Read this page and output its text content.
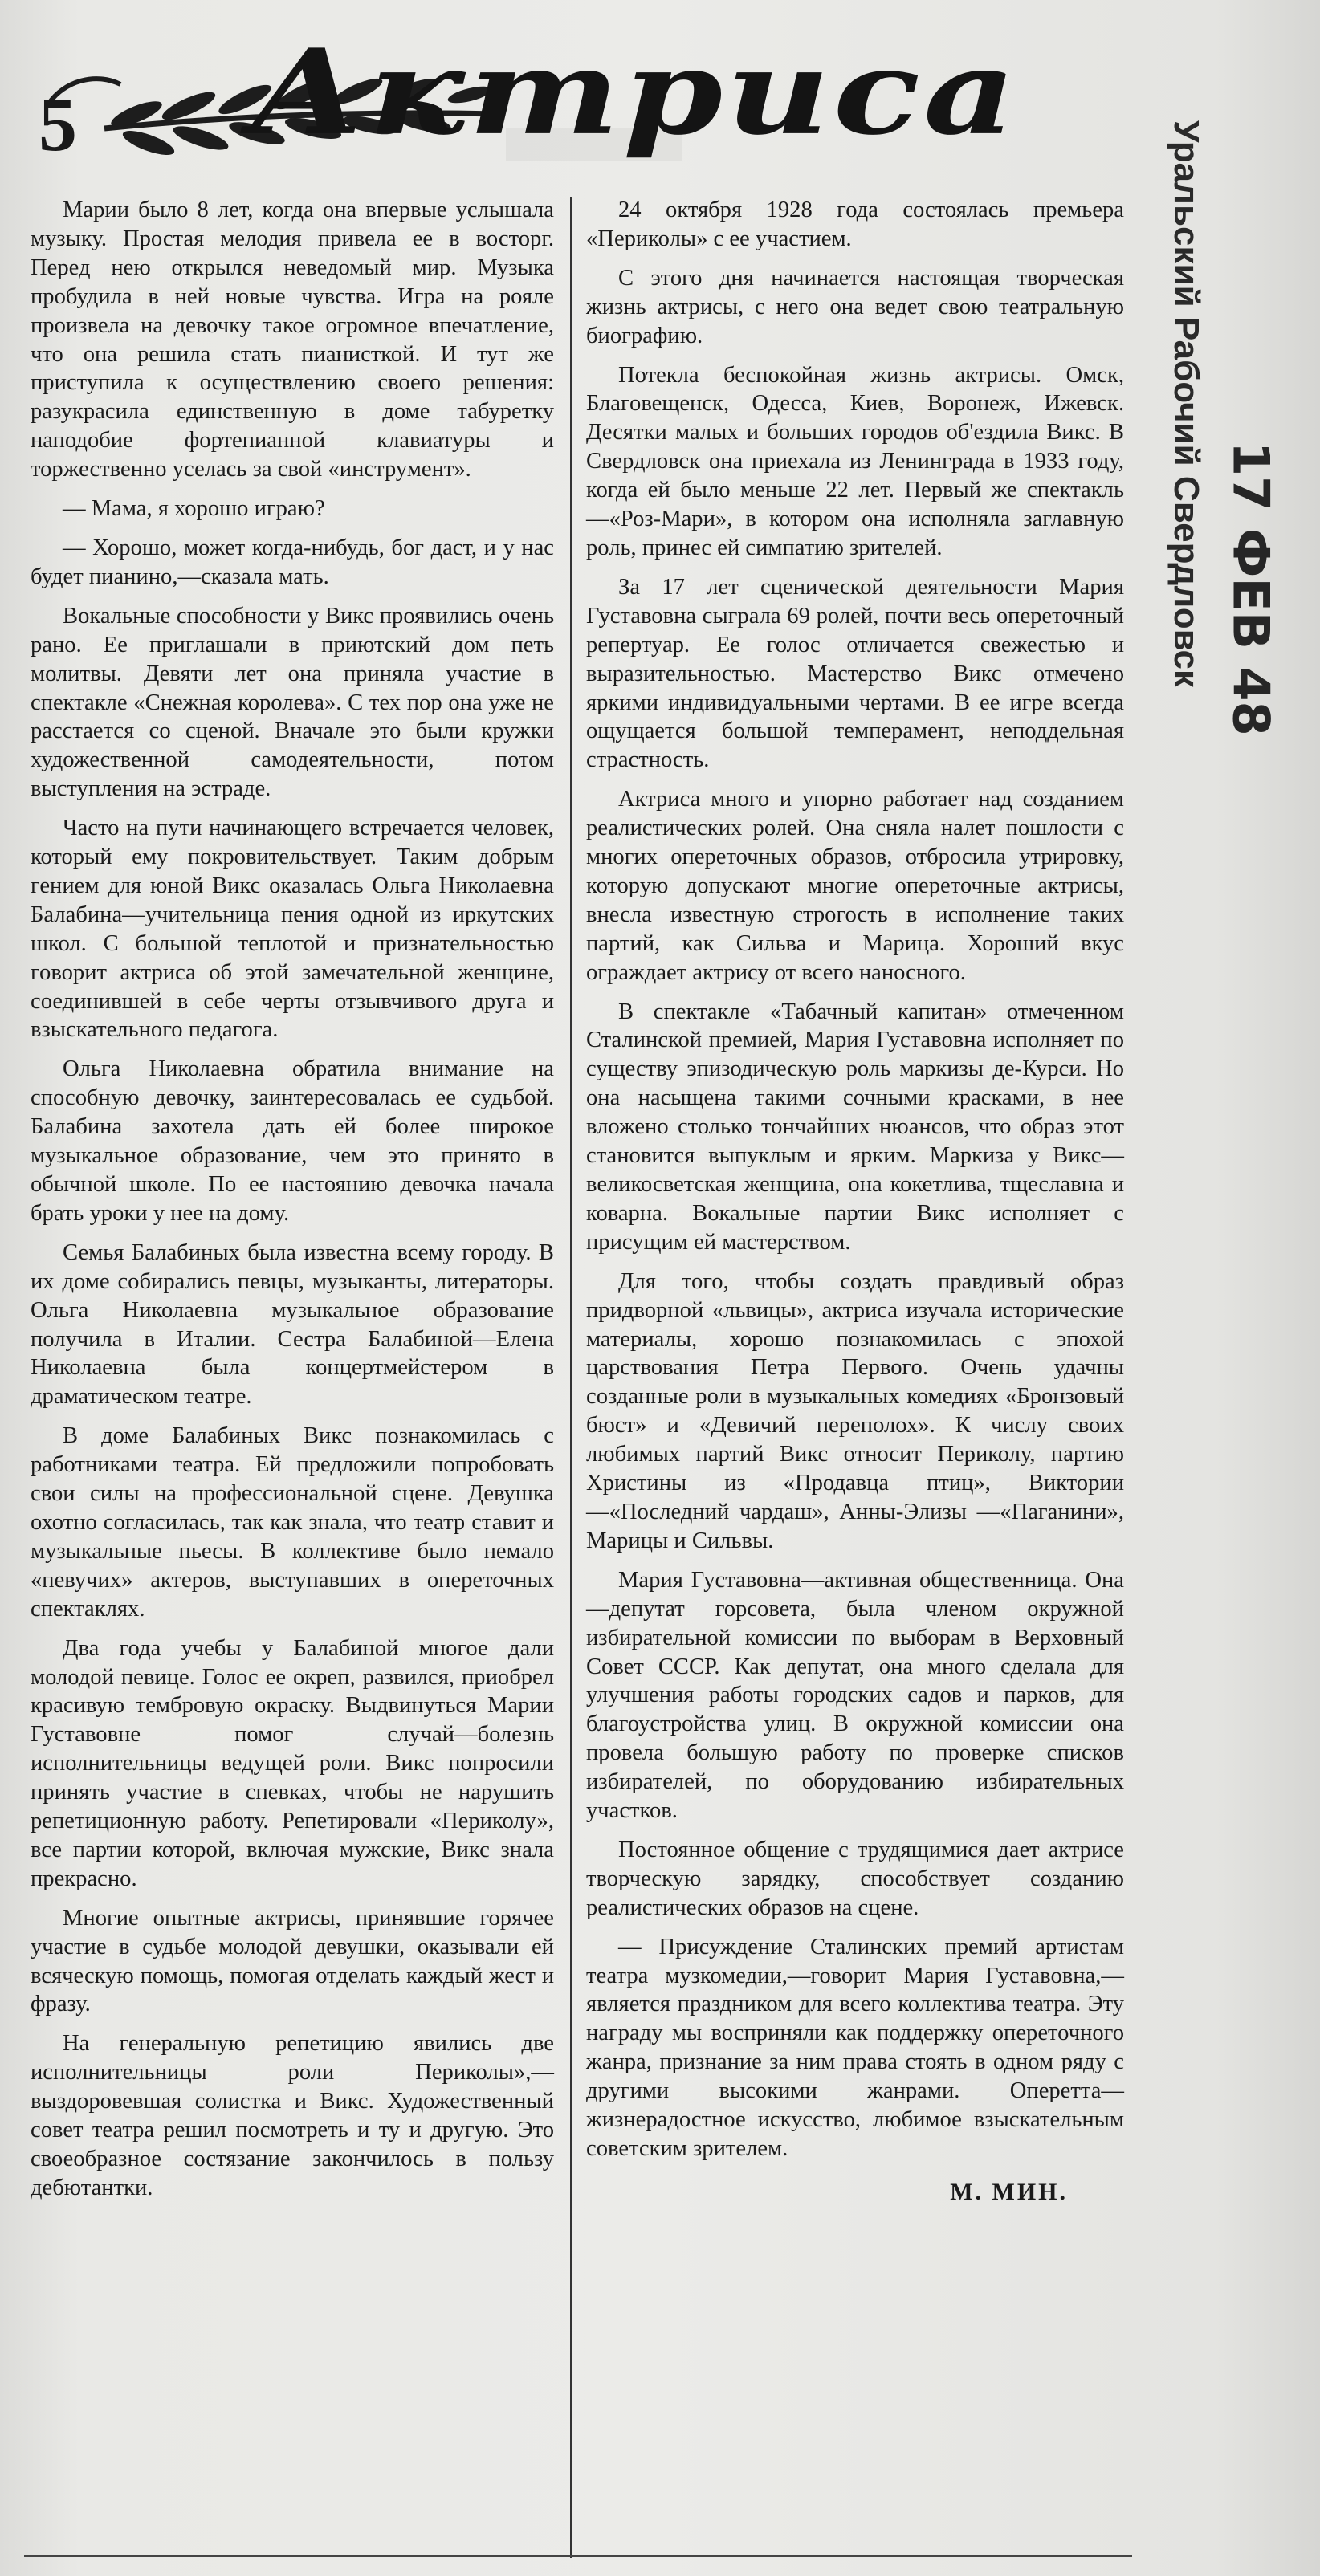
5 Актриса

Марии было 8 лет, когда она впервые услышала музыку. Простая мелодия привела ее в восторг. Перед нею открылся неведомый мир. Музыка пробудила в ней новые чувства. Игра на рояле произвела на девочку такое огромное впечатление, что она решила стать пианисткой. И тут же приступила к осуществлению своего решения: разукрасила единственную в доме табуретку наподобие фортепианной клавиатуры и торжественно уселась за свой «инструмент».

— Мама, я хорошо играю?

— Хорошо, может когда-нибудь, бог даст, и у нас будет пианино,—сказала мать.

Вокальные способности у Викс проявились очень рано. Ее приглашали в приютский дом петь молитвы. Девяти лет она приняла участие в спектакле «Снежная королева». С тех пор она уже не расстается со сценой. Вначале это были кружки художественной самодеятельности, потом выступления на эстраде.

Часто на пути начинающего встречается человек, который ему покровительствует. Таким добрым гением для юной Викс оказалась Ольга Николаевна Балабина—учительница пения одной из иркутских школ. С большой теплотой и признательностью говорит актриса об этой замечательной женщине, соединившей в себе черты отзывчивого друга и взыскательного педагога.

Ольга Николаевна обратила внимание на способную девочку, заинтересовалась ее судьбой. Балабина захотела дать ей более широкое музыкальное образование, чем это принято в обычной школе. По ее настоянию девочка начала брать уроки у нее на дому.

Семья Балабиных была известна всему городу. В их доме собирались певцы, музыканты, литераторы. Ольга Николаевна музыкальное образование получила в Италии. Сестра Балабиной—Елена Николаевна была концертмейстером в драматическом театре.

В доме Балабиных Викс познакомилась с работниками театра. Ей предложили попробовать свои силы на профессиональной сцене. Девушка охотно согласилась, так как знала, что театр ставит и музыкальные пьесы. В коллективе было немало «певучих» актеров, выступавших в опереточных спектаклях.

Два года учебы у Балабиной многое дали молодой певице. Голос ее окреп, развился, приобрел красивую тембровую окраску. Выдвинуться Марии Густавовне помог случай—болезнь исполнительницы ведущей роли. Викс попросили принять участие в спевках, чтобы не нарушить репетиционную работу. Репетировали «Периколу», все партии которой, включая мужские, Викс знала прекрасно.

Многие опытные актрисы, принявшие горячее участие в судьбе молодой девушки, оказывали ей всяческую помощь, помогая отделать каждый жест и фразу.

На генеральную репетицию явились две исполнительницы роли Периколы»,—выздоровевшая солистка и Викс. Художественный совет театра решил посмотреть и ту и другую. Это своеобразное состязание закончилось в пользу дебютантки.

24 октября 1928 года состоялась премьера «Периколы» с ее участием.

С этого дня начинается настоящая творческая жизнь актрисы, с него она ведет свою театральную биографию.

Потекла беспокойная жизнь актрисы. Омск, Благовещенск, Одесса, Киев, Воронеж, Ижевск. Десятки малых и больших городов об'ездила Викс. В Свердловск она приехала из Ленинграда в 1933 году, когда ей было меньше 22 лет. Первый же спектакль—«Роз-Мари», в котором она исполняла заглавную роль, принес ей симпатию зрителей.

За 17 лет сценической деятельности Мария Густавовна сыграла 69 ролей, почти весь опереточный репертуар. Ее голос отличается свежестью и выразительностью. Мастерство Викс отмечено яркими индивидуальными чертами. В ее игре всегда ощущается большой темперамент, неподдельная страстность.

Актриса много и упорно работает над созданием реалистических ролей. Она сняла налет пошлости с многих опереточных образов, отбросила утрировку, которую допускают многие опереточные актрисы, внесла известную строгость в исполнение таких партий, как Сильва и Марица. Хороший вкус ограждает актрису от всего наносного.

В спектакле «Табачный капитан» отмеченном Сталинской премией, Мария Густавовна исполняет по существу эпизодическую роль маркизы де-Курси. Но она насыщена такими сочными красками, в нее вложено столько тончайших нюансов, что образ этот становится выпуклым и ярким. Маркиза у Викс—великосветская женщина, она кокетлива, тщеславна и коварна. Вокальные партии Викс исполняет с присущим ей мастерством.

Для того, чтобы создать правдивый образ придворной «львицы», актриса изучала исторические материалы, хорошо познакомилась с эпохой царствования Петра Первого. Очень удачны созданные роли в музыкальных комедиях «Бронзовый бюст» и «Девичий переполох». К числу своих любимых партий Викс относит Периколу, партию Христины из «Продавца птиц», Виктории—«Последний чардаш», Анны-Элизы —«Паганини», Марицы и Сильвы.

Мария Густавовна—активная общественница. Она—депутат горсовета, была членом окружной избирательной комиссии по выборам в Верховный Совет СССР. Как депутат, она много сделала для улучшения работы городских садов и парков, для благоустройства улиц. В окружной комиссии она провела большую работу по проверке списков избирателей, по оборудованию избирательных участков.

Постоянное общение с трудящимися дает актрисе творческую зарядку, способствует созданию реалистических образов на сцене.

— Присуждение Сталинских премий артистам театра музкомедии,—говорит Мария Густавовна,—является праздником для всего коллектива театра. Эту награду мы восприняли как поддержку опереточного жанра, признание за ним права стоять в одном ряду с другими высокими жанрами. Оперетта—жизнерадостное искусство, любимое взыскательным советским зрителем.

М. МИН.
Уральский Рабочий Свердловск 17 ФЕВ 48
